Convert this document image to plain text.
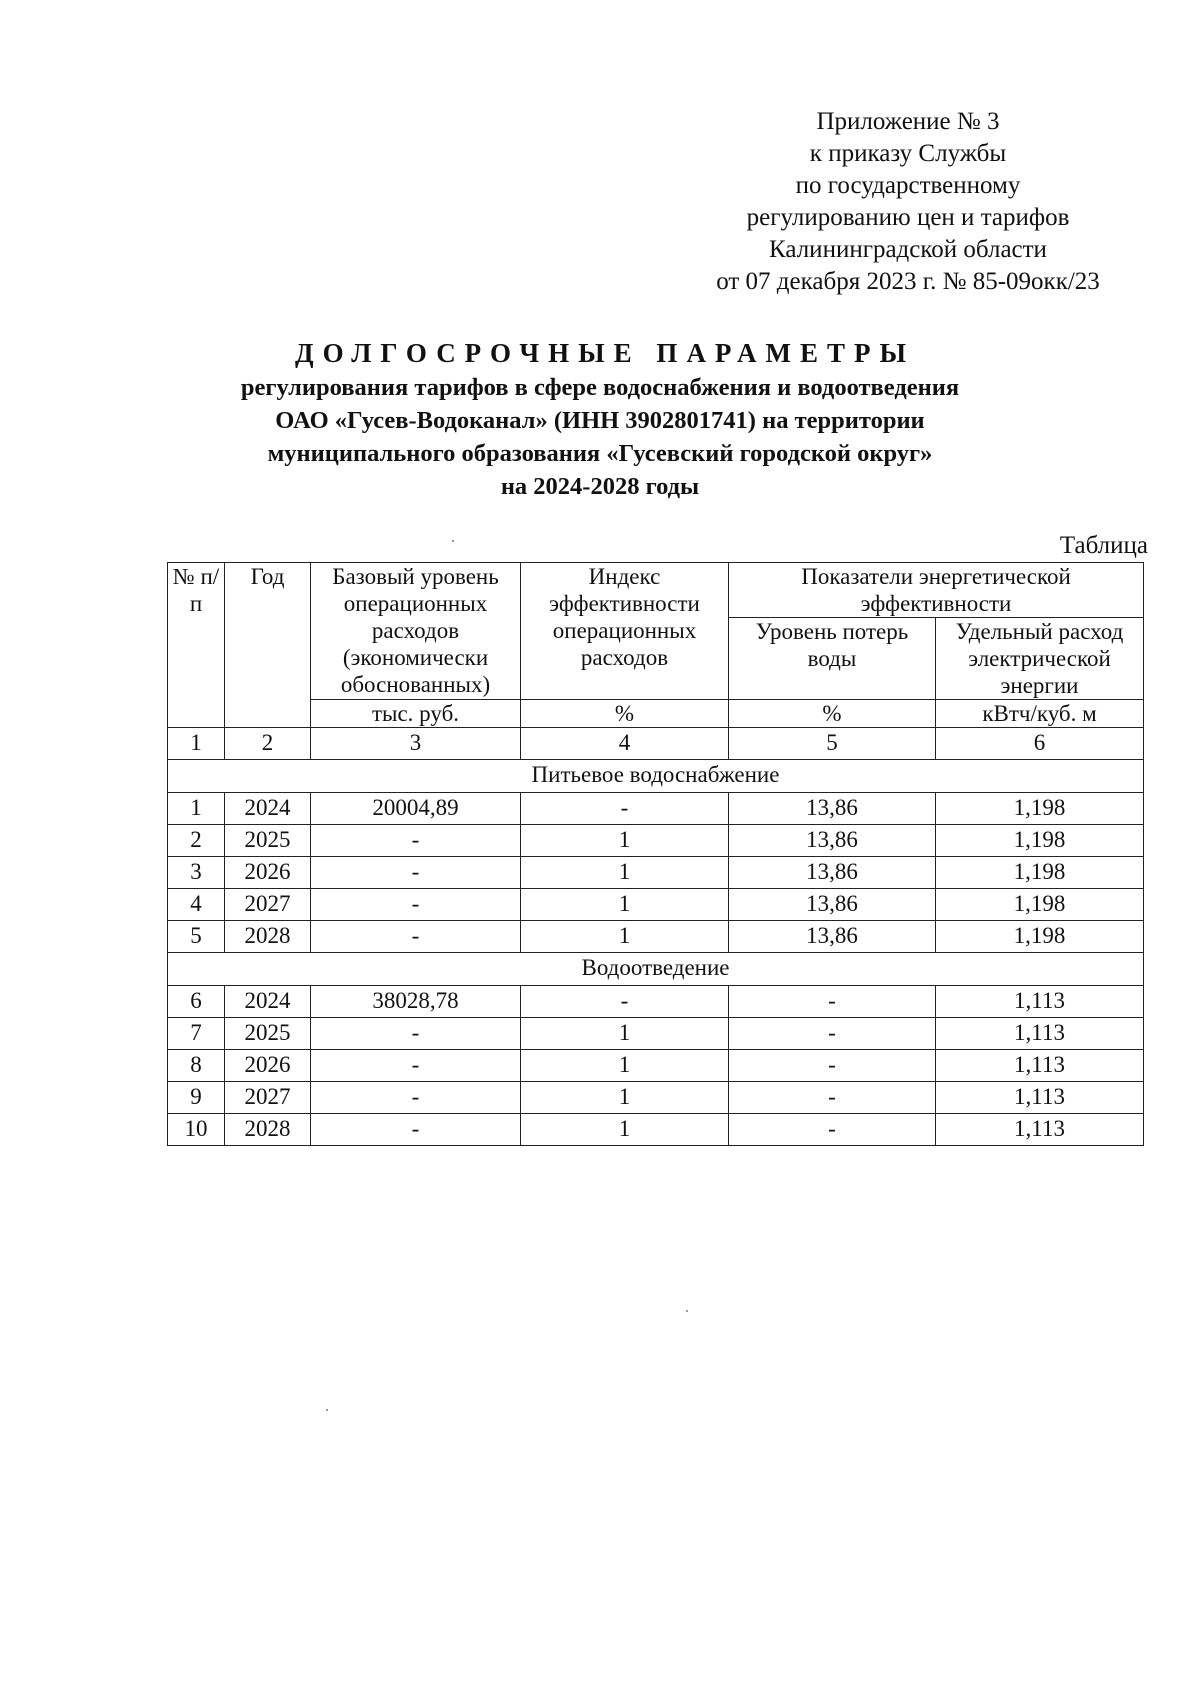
Приложение № 3
к приказу Службы
по государственному
регулированию цен и тарифов
Калининградской области
от 07 декабря 2023 г. № 85-09окк/23
ДОЛГОСРОЧНЫЕ ПАРАМЕТРЫ
регулирования тарифов в сфере водоснабжения и водоотведения
ОАО «Гусев-Водоканал» (ИНН 3902801741) на территории
муниципального образования «Гусевский городской округ»
на 2024-2028 годы
Таблица
№ п/п	Год	Базовый уровень операционных расходов (экономически обоснованных)	Индекс эффективности операционных расходов	Показатели энергетической эффективности	
				Уровень потерь воды	Удельный расход электрической энергии
		тыс. руб.	%	%	кВтч/куб. м
1	2	3	4	5	6
Питьевое водоснабжение					
1	2024	20004,89	-	13,86	1,198
2	2025	-	1	13,86	1,198
3	2026	-	1	13,86	1,198
4	2027	-	1	13,86	1,198
5	2028	-	1	13,86	1,198
Водоотведение					
6	2024	38028,78	-	-	1,113
7	2025	-	1	-	1,113
8	2026	-	1	-	1,113
9	2027	-	1	-	1,113
10	2028	-	1	-	1,113
